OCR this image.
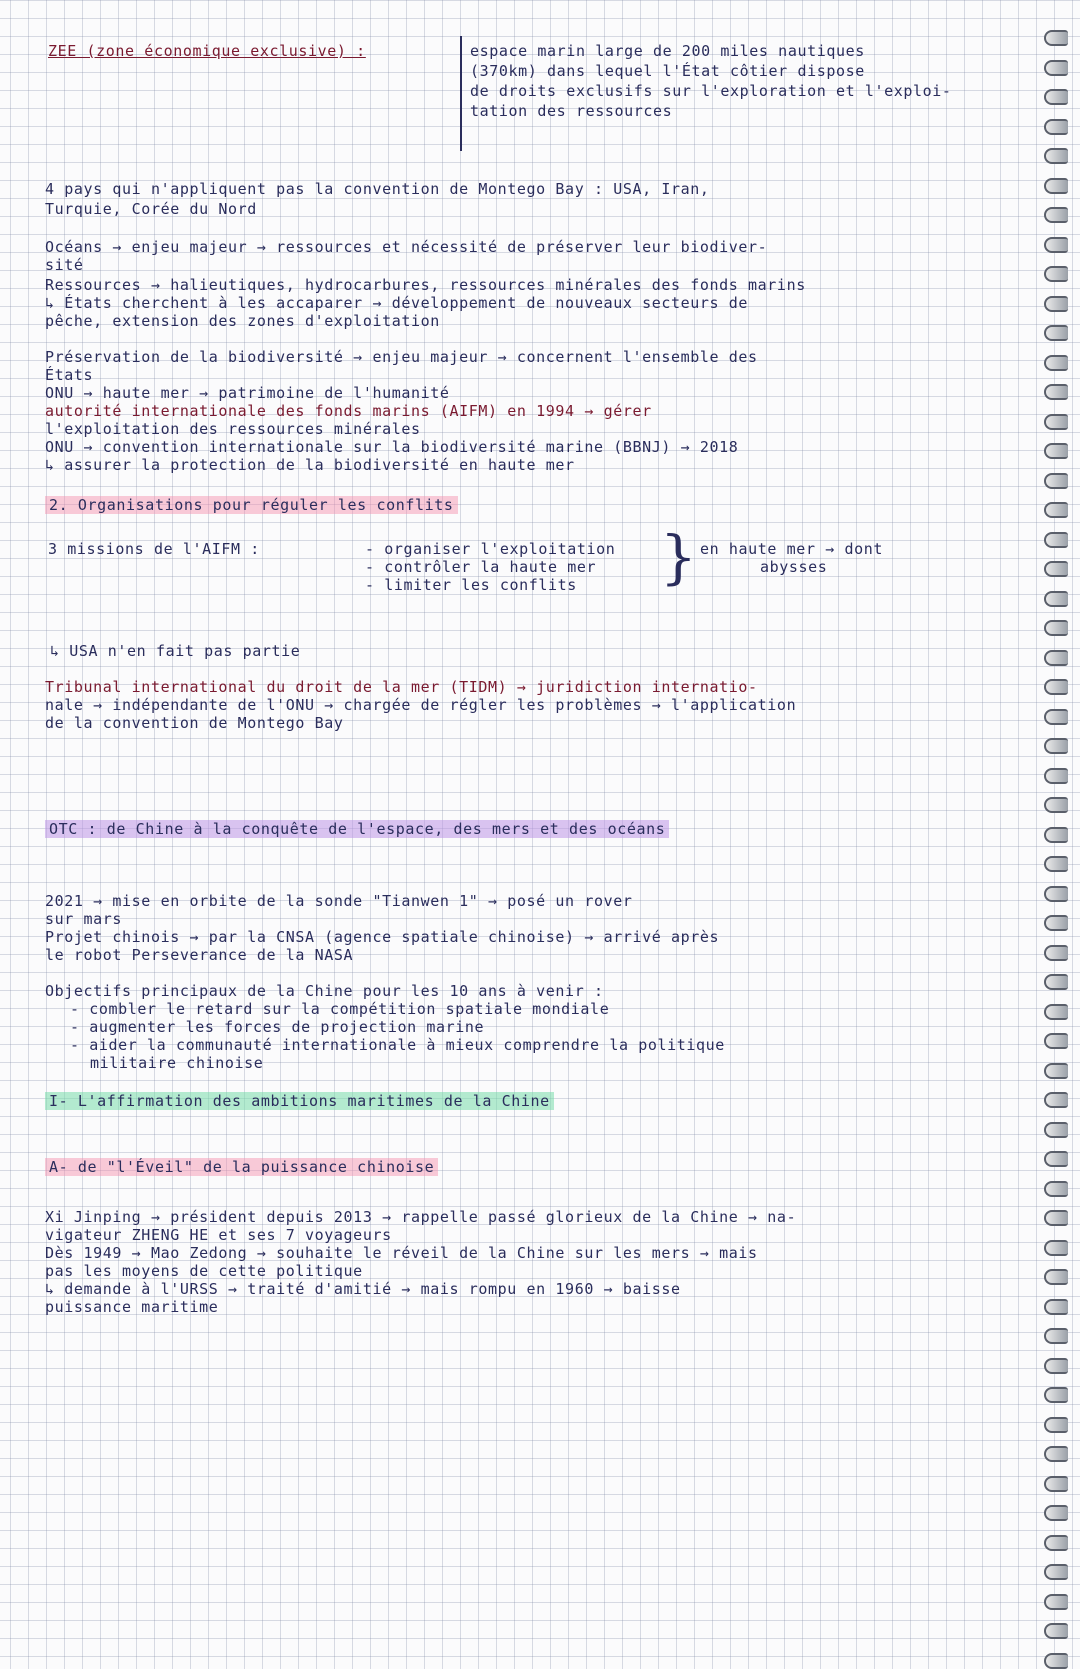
ZEE (zone économique exclusive) :	espace marin large de 200 miles nautiques
(370km) dans lequel l'État côtier dispose
de droits exclusifs sur l'exploration et l'exploi-
tation des ressources
4 pays qui n'appliquent pas la convention de Montego Bay : USA, Iran,
Turquie, Corée du Nord
Océans → enjeu majeur → ressources et nécessité de préserver leur biodiver-
sité
Ressources → halieutiques, hydrocarbures, ressources minérales des fonds marins
↳ États cherchent à les accaparer → développement de nouveaux secteurs de
pêche, extension des zones d'exploitation
Préservation de la biodiversité → enjeu majeur → concernent l'ensemble des
États
ONU → haute mer → patrimoine de l'humanité
autorité internationale des fonds marins (AIFM) en 1994 → gérer
l'exploitation des ressources minérales
ONU → convention internationale sur la biodiversité marine (BBNJ) → 2018
↳ assurer la protection de la biodiversité en haute mer
2. Organisations pour réguler les conflits
3 missions de l'AIFM :	- organiser l'exploitation
- contrôler la haute mer
- limiter les conflits } en haute mer → dont
abysses
↳ USA n'en fait pas partie
Tribunal international du droit de la mer (TIDM) → juridiction internatio-
nale → indépendante de l'ONU → chargée de régler les problèmes → l'application
de la convention de Montego Bay
OTC : de Chine à la conquête de l'espace, des mers et des océans
2021 → mise en orbite de la sonde "Tianwen 1" → posé un rover
sur mars
Projet chinois → par la CNSA (agence spatiale chinoise) → arrivé après
le robot Perseverance de la NASA
Objectifs principaux de la Chine pour les 10 ans à venir :
- combler le retard sur la compétition spatiale mondiale
- augmenter les forces de projection marine
- aider la communauté internationale à mieux comprendre la politique
militaire chinoise
I- L'affirmation des ambitions maritimes de la Chine
A- de "l'Éveil" de la puissance chinoise
Xi Jinping → président depuis 2013 → rappelle passé glorieux de la Chine → na-
vigateur ZHENG HE et ses 7 voyageurs
Dès 1949 → Mao Zedong → souhaite le réveil de la Chine sur les mers → mais
pas les moyens de cette politique
↳ demande à l'URSS → traité d'amitié → mais rompu en 1960 → baisse
puissance maritime
